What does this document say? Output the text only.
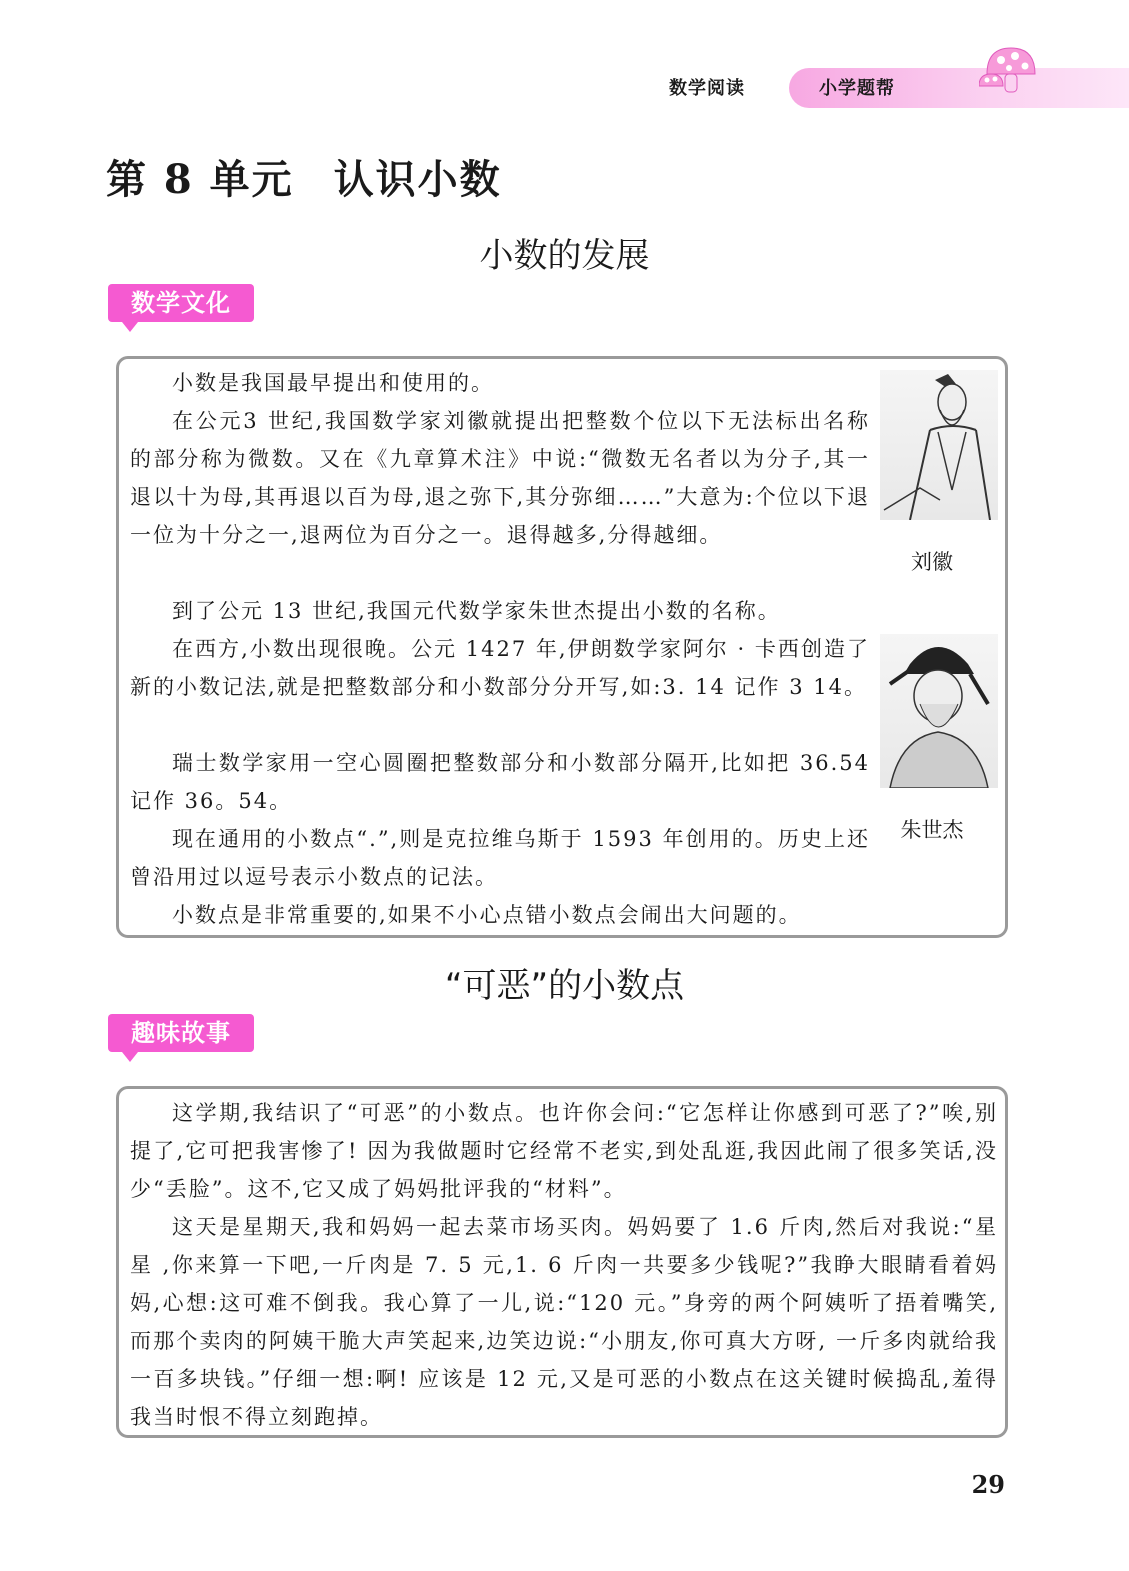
数学阅读	小学题帮
第 8 单元 认识小数
小数的发展
数学文化

小数是我国最早提出和使用的。

在公元3 世纪,我国数学家刘徽就提出把整数个位以下无法标出名称的部分称为微数。又在《九章算术注》中说:“微数无名者以为分子,其一退以十为母,其再退以百为母,退之弥下,其分弥细……”大意为:个位以下退一位为十分之一,退两位为百分之一。退得越多,分得越细。

到了公元 13 世纪,我国元代数学家朱世杰提出小数的名称。

在西方,小数出现很晚。公元 1427 年,伊朗数学家阿尔 · 卡西创造了新的小数记法,就是把整数部分和小数部分分开写,如:3. 14 记作 3 14。

瑞士数学家用一空心圆圈把整数部分和小数部分隔开,比如把 36.54 记作 36。54。

现在通用的小数点“.”,则是克拉维乌斯于 1593 年创用的。历史上还曾沿用过以逗号表示小数点的记法。

小数点是非常重要的,如果不小心点错小数点会闹出大问题的。

刘徽
朱世杰
“可恶”的小数点
趣味故事

这学期,我结识了“可恶”的小数点。也许你会问:“它怎样让你感到可恶了?”唉,别提了,它可把我害惨了! 因为我做题时它经常不老实,到处乱逛,我因此闹了很多笑话,没少“丢脸”。这不,它又成了妈妈批评我的“材料”。

这天是星期天,我和妈妈一起去菜市场买肉。妈妈要了 1.6 斤肉,然后对我说:“星星 ,你来算一下吧,一斤肉是 7. 5 元,1. 6 斤肉一共要多少钱呢?”我睁大眼睛看着妈妈,心想:这可难不倒我。我心算了一儿,说:“120 元。”身旁的两个阿姨听了捂着嘴笑,而那个卖肉的阿姨干脆大声笑起来,边笑边说:“小朋友,你可真大方呀, 一斤多肉就给我一百多块钱。”仔细一想:啊! 应该是 12 元,又是可恶的小数点在这关键时候捣乱,羞得我当时恨不得立刻跑掉。

29
